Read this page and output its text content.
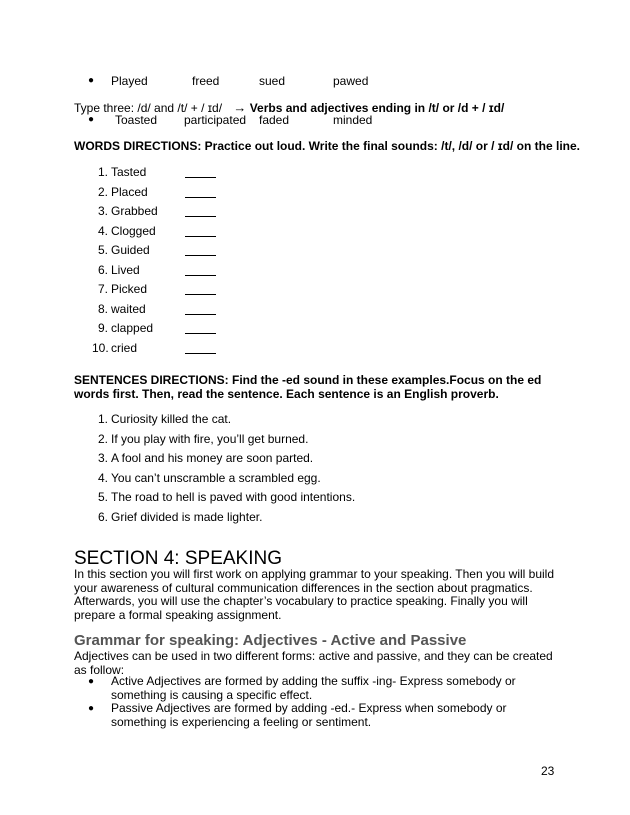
● Played	freed	sued	pawed
Type three: /d/ and /t/ + / ɪd/ → Verbs and adjectives ending in /t/ or /d + / ɪd/
● Toasted participated faded	minded
WORDS DIRECTIONS: Practice out loud. Write the final sounds: /t/, /d/ or / ɪd/ on the line.
1. Tasted
2. Placed
3. Grabbed
4. Clogged
5. Guided
6. Lived
7. Picked
8. waited
9. clapped
10. cried
SENTENCES DIRECTIONS: Find the -ed sound in these examples.Focus on the ed words first. Then, read the sentence. Each sentence is an English proverb.
1. Curiosity killed the cat.
2. If you play with fire, you’ll get burned.
3. A fool and his money are soon parted.
4. You can’t unscramble a scrambled egg.
5. The road to hell is paved with good intentions.
6. Grief divided is made lighter.
SECTION 4: SPEAKING
In this section you will first work on applying grammar to your speaking. Then you will build your awareness of cultural communication differences in the section about pragmatics. Afterwards, you will use the chapter’s vocabulary to practice speaking. Finally you will prepare a formal speaking assignment.
Grammar for speaking: Adjectives - Active and Passive
Adjectives can be used in two different forms: active and passive, and they can be created as follow:
● Active Adjectives are formed by adding the suffix -ing- Express somebody or something is causing a specific effect.
● Passive Adjectives are formed by adding -ed.- Express when somebody or something is experiencing a feeling or sentiment.
23
